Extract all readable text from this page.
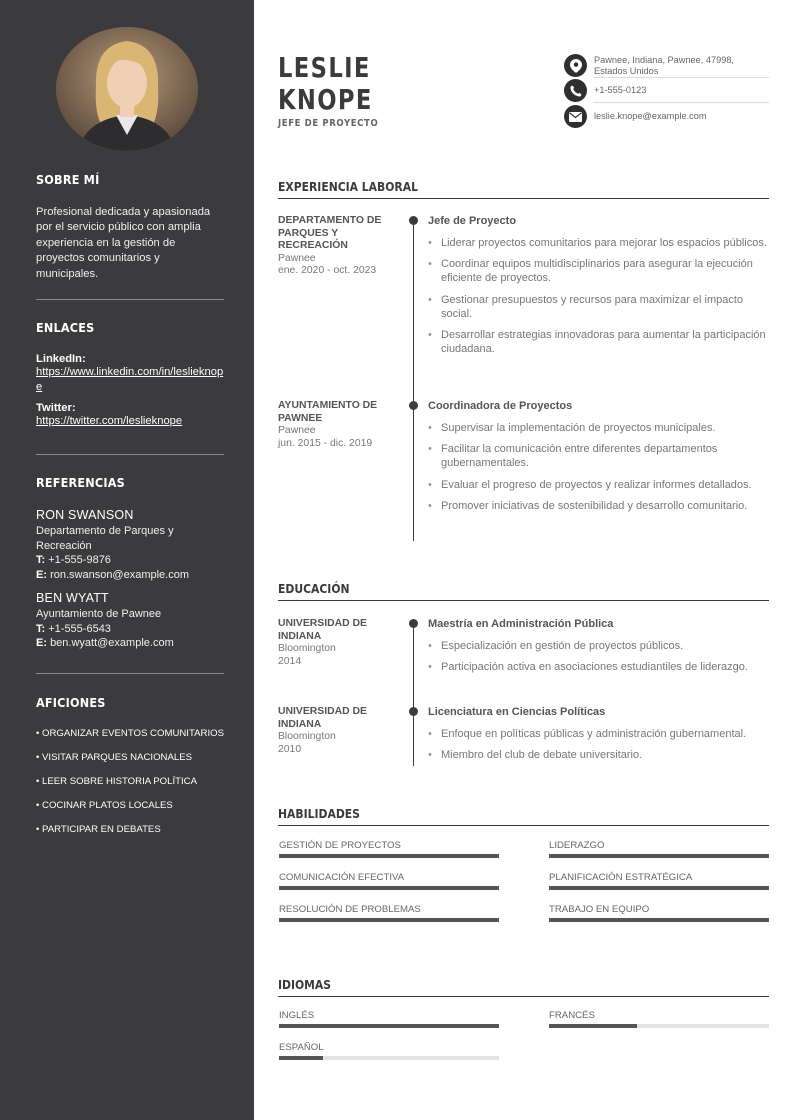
SOBRE MÍ
Profesional dedicada y apasionada por el servicio público con amplia experiencia en la gestión de proyectos comunitarios y municipales.
ENLACES
LinkedIn:
https://www.linkedin.com/in/leslieknope
Twitter:
https://twitter.com/leslieknope
REFERENCIAS
RON SWANSON
Departamento de Parques y Recreación
T: +1-555-9876
E: ron.swanson@example.com
BEN WYATT
Ayuntamiento de Pawnee
T: +1-555-6543
E: ben.wyatt@example.com
AFICIONES
• ORGANIZAR EVENTOS COMUNITARIOS
• VISITAR PARQUES NACIONALES
• LEER SOBRE HISTORIA POLÍTICA
• COCINAR PLATOS LOCALES
• PARTICIPAR EN DEBATES
LESLIE
KNOPE
JEFE DE PROYECTO
Pawnee, Indiana, Pawnee, 47998, Estados Unidos
+1-555-0123
leslie.knope@example.com
EXPERIENCIA LABORAL
DEPARTAMENTO DE PARQUES Y RECREACIÓN
Pawnee
ene. 2020 - oct. 2023
Jefe de Proyecto
• Liderar proyectos comunitarios para mejorar los espacios públicos.
• Coordinar equipos multidisciplinarios para asegurar la ejecución eficiente de proyectos.
• Gestionar presupuestos y recursos para maximizar el impacto social.
• Desarrollar estrategias innovadoras para aumentar la participación ciudadana.
AYUNTAMIENTO DE PAWNEE
Pawnee
jun. 2015 - dic. 2019
Coordinadora de Proyectos
• Supervisar la implementación de proyectos municipales.
• Facilitar la comunicación entre diferentes departamentos gubernamentales.
• Evaluar el progreso de proyectos y realizar informes detallados.
• Promover iniciativas de sostenibilidad y desarrollo comunitario.
EDUCACIÓN
UNIVERSIDAD DE INDIANA
Bloomington
2014
Maestría en Administración Pública
• Especialización en gestión de proyectos públicos.
• Participación activa en asociaciones estudiantiles de liderazgo.
UNIVERSIDAD DE INDIANA
Bloomington
2010
Licenciatura en Ciencias Políticas
• Enfoque en políticas públicas y administración gubernamental.
• Miembro del club de debate universitario.
HABILIDADES
GESTIÓN DE PROYECTOS	LIDERAZGO
COMUNICACIÓN EFECTIVA	PLANIFICACIÓN ESTRATÉGICA
RESOLUCIÓN DE PROBLEMAS	TRABAJO EN EQUIPO
IDIOMAS
INGLÉS	FRANCÉS
ESPAÑOL
